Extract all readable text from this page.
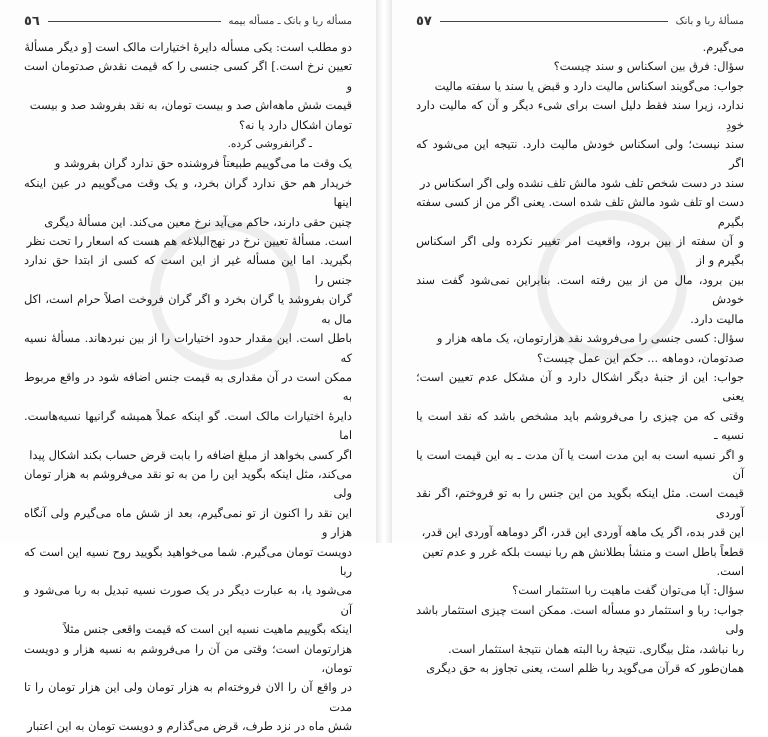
٥٦	مسأله ربا و بانک ـ مسأله بیمه

دو مطلب است: یکی مسأله دایرهٔ اختیارات مالک است [و دیگر مسألهٔ

تعیین نرخ است.] اگر کسی جنسی را که قیمت نقدش صدتومان است و

قیمت شش ماهه‌اش صد و بیست تومان، به نقد بفروشد صد و بیست

تومان اشکال دارد یا نه؟

ـ گرانفروشی کرده.

یک وقت ما می‌گوییم طبیعتاً فروشنده حق ندارد گران بفروشد و

خریدار هم حق ندارد گران بخرد، و یک وقت می‌گوییم در عین اینکه اینها

چنین حقی دارند، حاکم می‌آید نرخ معین می‌کند. این مسألهٔ دیگری

است. مسألهٔ تعیین نرخ در نهج‌البلاغه هم هست که اسعار را تحت نظر

بگیرید. اما این مسأله غیر از این است که کسی از ابتدا حق ندارد جنس را

گران بفروشد یا گران بخرد و اگر گران فروخت اصلاً حرام است، اکل مال به

باطل است. این مقدار حدود اختیارات را از بین نبردهاند. مسألهٔ نسیه که

ممکن است در آن مقداری به قیمت جنس اضافه شود در واقع مربوط به

دایرهٔ اختیارات مالک است. گو اینکه عملاً همیشه گرانیها نسیه‌هاست. اما

اگر کسی بخواهد از مبلغ اضافه را بابت قرض حساب بکند اشکال پیدا

می‌کند، مثل اینکه بگوید این را من به تو نقد می‌فروشم به هزار تومان ولی

این نقد را اکنون از تو نمی‌گیرم، بعد از شش ماه می‌گیرم ولی آنگاه هزار و

دویست تومان می‌گیرم. شما می‌خواهید بگویید روح نسیه این است که ربا

می‌شود یا، به عبارت دیگر در یک صورت نسیه تبدیل به ربا می‌شود و آن

اینکه بگوییم ماهیت نسیه این است که قیمت واقعی جنس مثلاً

هزارتومان است؛ وقتی من آن را می‌فروشم به نسیه هزار و دویست تومان،

در واقع آن را الان فروخته‌ام به هزار تومان ولی این هزار تومان را تا مدت

شش ماه در نزد طرف، قرض می‌گذارم و دویست تومان به این اعتبار

مسألهٔ ربا و بانک
٥٧

می‌گیرم.

سؤال: فرق بین اسکناس و سند چیست؟

جواب: می‌گویند اسکناس مالیت دارد و قبض یا سند یا سفته مالیت

ندارد، زیرا سند فقط دلیل است برای شیء دیگر و آن که مالیت دارد خودِ

سند نیست؛ ولی اسکناس خودش مالیت دارد. نتیجه این می‌شود که اگر

سند در دست شخص تلف شود مالش تلف نشده ولی اگر اسکناس در

دست او تلف شود مالش تلف شده است. یعنی اگر من از کسی سفته بگیرم

و آن سفته از بین برود، واقعیت امر تغییر نکرده ولی اگر اسکناس بگیرم و از

بین برود، مال من از بین رفته است. بنابراین نمی‌شود گفت سند خودش

مالیت دارد.

سؤال: کسی جنسی را می‌فروشد نقد هزارتومان، یک ماهه هزار و

صدتومان، دوماهه ... حکم این عمل چیست؟

جواب: این از جنبهٔ دیگر اشکال دارد و آن مشکل عدم تعیین است؛ یعنی

وقتی که من چیزی را می‌فروشم باید مشخص باشد که نقد است یا نسیه ـ

و اگر نسیه است به این مدت است یا آن مدت ـ به این قیمت است یا آن

قیمت است. مثل اینکه بگوید من این جنس را به تو فروختم، اگر نقد آوردی

این قدر بده، اگر یک ماهه آوردی این قدر، اگر دوماهه آوردی این قدر،

قطعاً باطل است و منشأ بطلانش هم ربا نیست بلکه غرر و عدم تعین

است.

سؤال: آیا می‌توان گفت ماهیت ربا استثمار است؟

جواب: ربا و استثمار دو مسأله است. ممکن است چیزی استثمار باشد ولی

ربا نباشد، مثل بیگاری. نتیجهٔ ربا البته همان نتیجهٔ استثمار است.

همان‌طور که قرآن می‌گوید ربا ظلم است، یعنی تجاوز به حق دیگری
